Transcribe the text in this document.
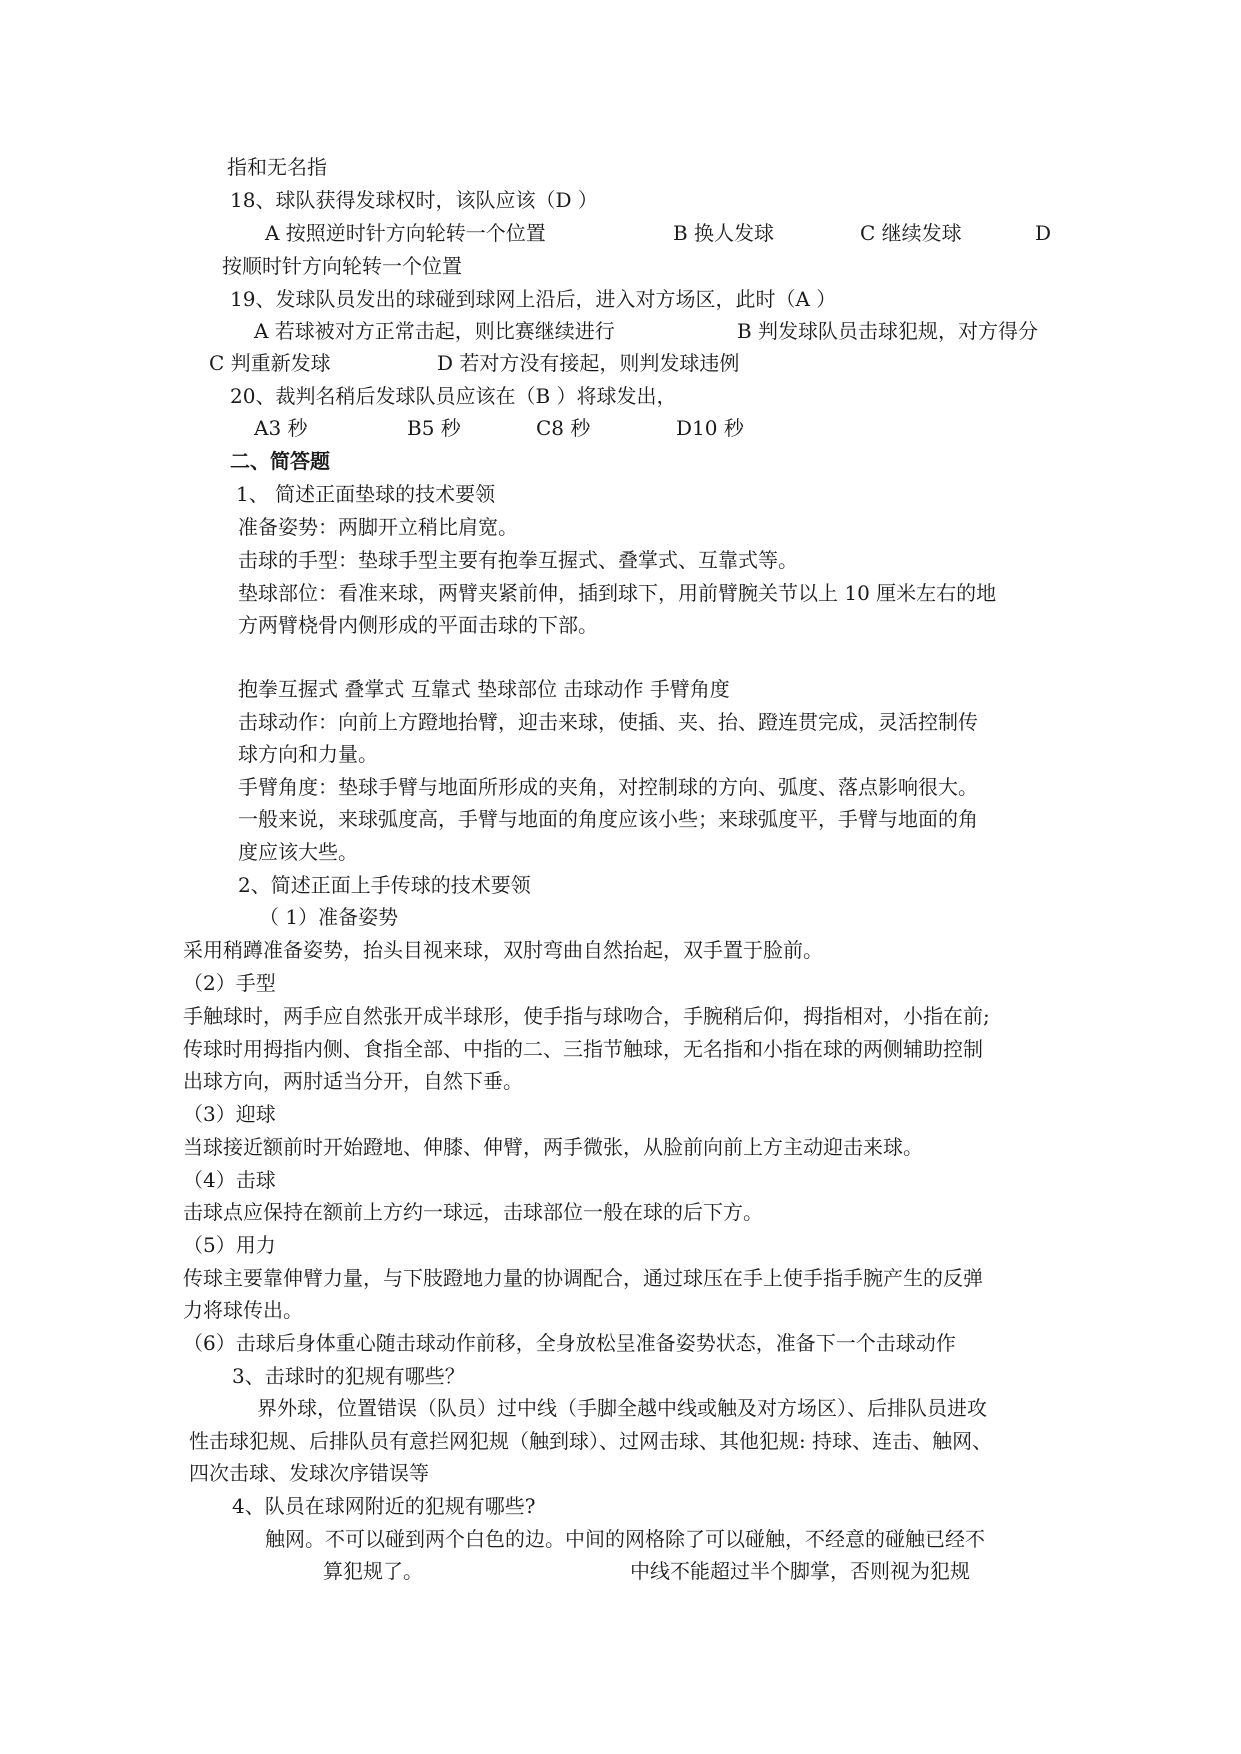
指和无名指
18、球队获得发球权时，该队应该（D ）
A 按照逆时针方向轮转一个位置	B 换人发球	C 继续发球	D
按顺时针方向轮转一个位置
19、发球队员发出的球碰到球网上沿后，进入对方场区，此时（A ）
A 若球被对方正常击起，则比赛继续进行	B 判发球队员击球犯规，对方得分
C 判重新发球	D 若对方没有接起，则判发球违例
20、裁判名稍后发球队员应该在（B ）将球发出，
A3 秒	B5 秒	C8 秒	D10 秒
二、简答题
1、 简述正面垫球的技术要领
准备姿势：两脚开立稍比肩宽。
击球的手型：垫球手型主要有抱拳互握式、叠掌式、互靠式等。
垫球部位：看准来球，两臂夹紧前伸，插到球下，用前臂腕关节以上 10 厘米左右的地
方两臂桡骨内侧形成的平面击球的下部。
抱拳互握式 叠掌式 互靠式 垫球部位 击球动作 手臂角度
击球动作：向前上方蹬地抬臂，迎击来球，使插、夹、抬、蹬连贯完成，灵活控制传
球方向和力量。
手臂角度：垫球手臂与地面所形成的夹角，对控制球的方向、弧度、落点影响很大。
一般来说，来球弧度高，手臂与地面的角度应该小些；来球弧度平，手臂与地面的角
度应该大些。
2、简述正面上手传球的技术要领
（ 1）准备姿势
采用稍蹲准备姿势，抬头目视来球，双肘弯曲自然抬起，双手置于脸前。
（2）手型
手触球时，两手应自然张开成半球形，使手指与球吻合，手腕稍后仰，拇指相对，小指在前;
传球时用拇指内侧、食指全部、中指的二、三指节触球，无名指和小指在球的两侧辅助控制
出球方向，两肘适当分开，自然下垂。
（3）迎球
当球接近额前时开始蹬地、伸膝、伸臂，两手微张，从脸前向前上方主动迎击来球。
（4）击球
击球点应保持在额前上方约一球远，击球部位一般在球的后下方。
（5）用力
传球主要靠伸臂力量，与下肢蹬地力量的协调配合，通过球压在手上使手指手腕产生的反弹
力将球传出。
（6）击球后身体重心随击球动作前移，全身放松呈准备姿势状态，准备下一个击球动作
3、击球时的犯规有哪些？
界外球，位置错误（队员）过中线（手脚全越中线或触及对方场区）、后排队员进攻
性击球犯规、后排队员有意拦网犯规（触到球）、过网击球、其他犯规: 持球、连击、触网、
四次击球、发球次序错误等
4、队员在球网附近的犯规有哪些?
触网。不可以碰到两个白色的边。中间的网格除了可以碰触，不经意的碰触已经不
算犯规了。	中线不能超过半个脚掌，否则视为犯规
